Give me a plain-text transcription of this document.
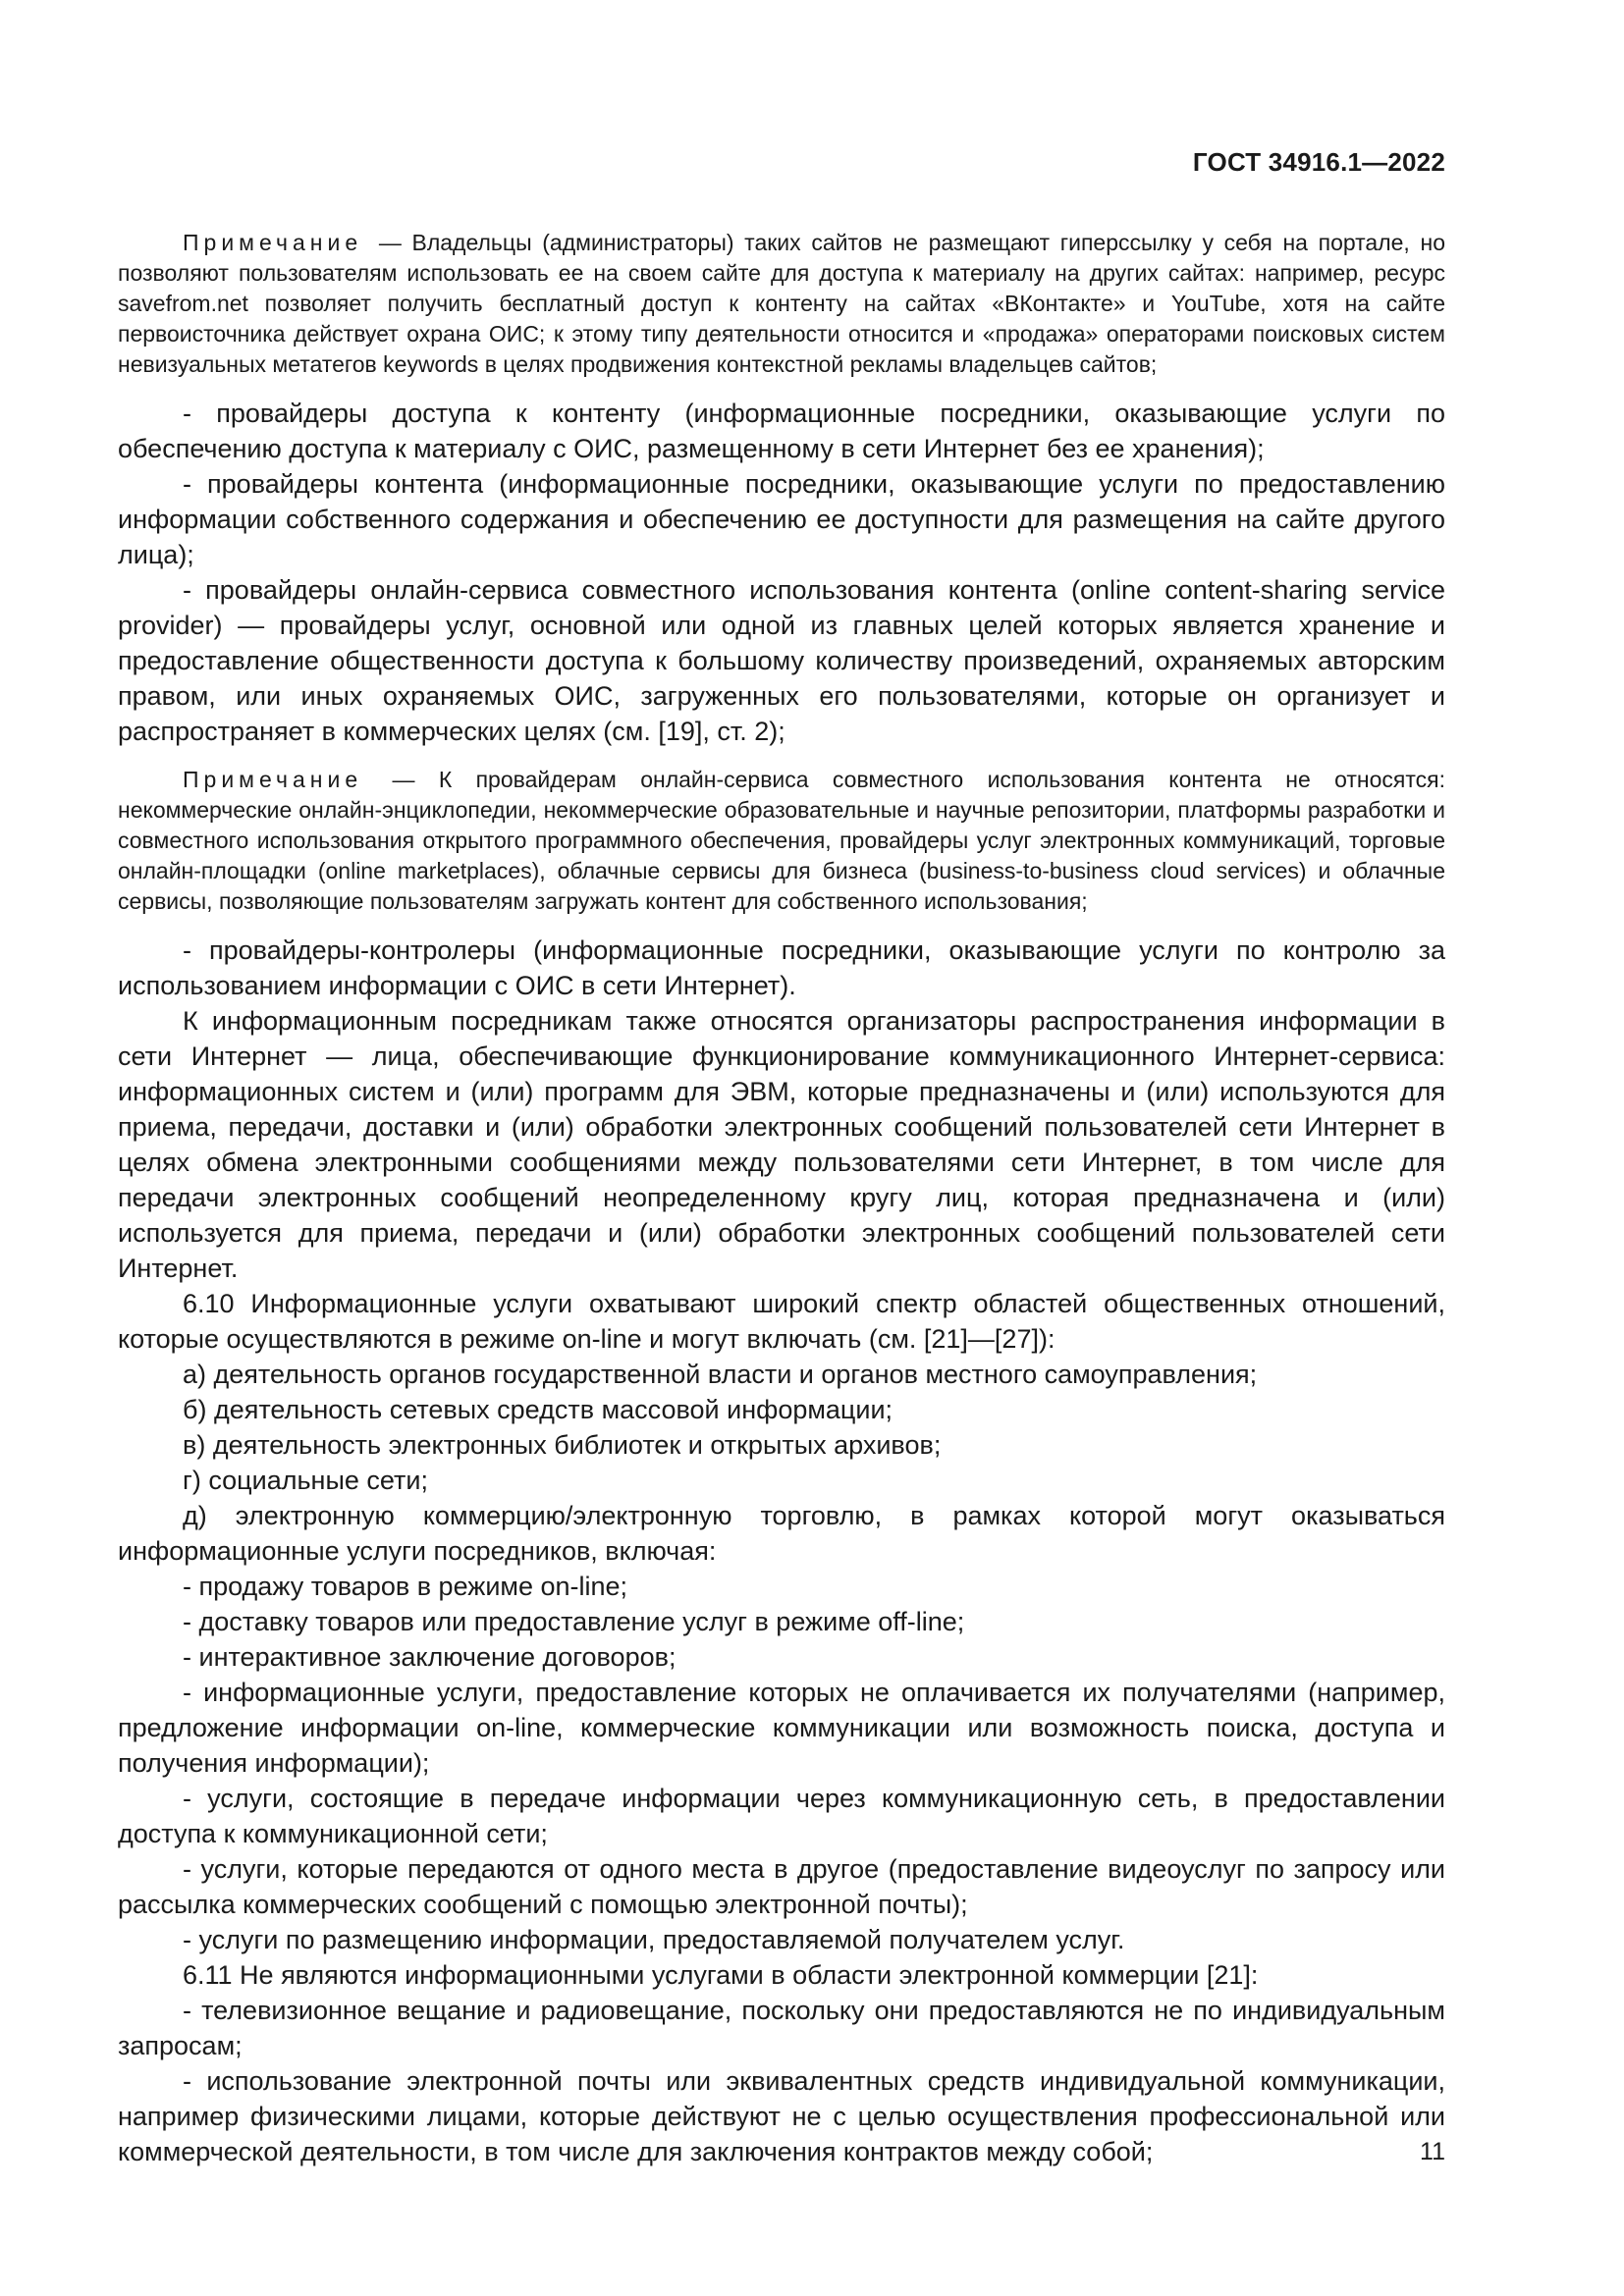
ГОСТ 34916.1—2022

Примечание — Владельцы (администраторы) таких сайтов не размещают гиперссылку у себя на портале, но позволяют пользователям использовать ее на своем сайте для доступа к материалу на других сайтах: например, ресурс savefrom.net позволяет получить бесплатный доступ к контенту на сайтах «ВКонтакте» и YouTube, хотя на сайте первоисточника действует охрана ОИС; к этому типу деятельности относится и «продажа» операторами поисковых систем невизуальных метатегов keywords в целях продвижения контекстной рекламы владельцев сайтов;

- провайдеры доступа к контенту (информационные посредники, оказывающие услуги по обеспечению доступа к материалу с ОИС, размещенному в сети Интернет без ее хранения);

- провайдеры контента (информационные посредники, оказывающие услуги по предоставлению информации собственного содержания и обеспечению ее доступности для размещения на сайте другого лица);

- провайдеры онлайн-сервиса совместного использования контента (online content-sharing service provider) — провайдеры услуг, основной или одной из главных целей которых является хранение и предоставление общественности доступа к большому количеству произведений, охраняемых авторским правом, или иных охраняемых ОИС, загруженных его пользователями, которые он организует и распространяет в коммерческих целях (см. [19], ст. 2);

Примечание — К провайдерам онлайн-сервиса совместного использования контента не относятся: некоммерческие онлайн-энциклопедии, некоммерческие образовательные и научные репозитории, платформы разработки и совместного использования открытого программного обеспечения, провайдеры услуг электронных коммуникаций, торговые онлайн-площадки (online marketplaces), облачные сервисы для бизнеса (business-to-business cloud services) и облачные сервисы, позволяющие пользователям загружать контент для собственного использования;

- провайдеры-контролеры (информационные посредники, оказывающие услуги по контролю за использованием информации с ОИС в сети Интернет).

К информационным посредникам также относятся организаторы распространения информации в сети Интернет — лица, обеспечивающие функционирование коммуникационного Интернет-сервиса: информационных систем и (или) программ для ЭВМ, которые предназначены и (или) используются для приема, передачи, доставки и (или) обработки электронных сообщений пользователей сети Интернет в целях обмена электронными сообщениями между пользователями сети Интернет, в том числе для передачи электронных сообщений неопределенному кругу лиц, которая предназначена и (или) используется для приема, передачи и (или) обработки электронных сообщений пользователей сети Интернет.

6.10 Информационные услуги охватывают широкий спектр областей общественных отношений, которые осуществляются в режиме on-line и могут включать (см. [21]—[27]):

а) деятельность органов государственной власти и органов местного самоуправления;

б) деятельность сетевых средств массовой информации;

в) деятельность электронных библиотек и открытых архивов;

г) социальные сети;

д) электронную коммерцию/электронную торговлю, в рамках которой могут оказываться информационные услуги посредников, включая:

- продажу товаров в режиме on-line;

- доставку товаров или предоставление услуг в режиме off-line;

- интерактивное заключение договоров;

- информационные услуги, предоставление которых не оплачивается их получателями (например, предложение информации on-line, коммерческие коммуникации или возможность поиска, доступа и получения информации);

- услуги, состоящие в передаче информации через коммуникационную сеть, в предоставлении доступа к коммуникационной сети;

- услуги, которые передаются от одного места в другое (предоставление видеоуслуг по запросу или рассылка коммерческих сообщений с помощью электронной почты);

- услуги по размещению информации, предоставляемой получателем услуг.

6.11 Не являются информационными услугами в области электронной коммерции [21]:

- телевизионное вещание и радиовещание, поскольку они предоставляются не по индивидуальным запросам;

- использование электронной почты или эквивалентных средств индивидуальной коммуникации, например физическими лицами, которые действуют не с целью осуществления профессиональной или коммерческой деятельности, в том числе для заключения контрактов между собой;	11
